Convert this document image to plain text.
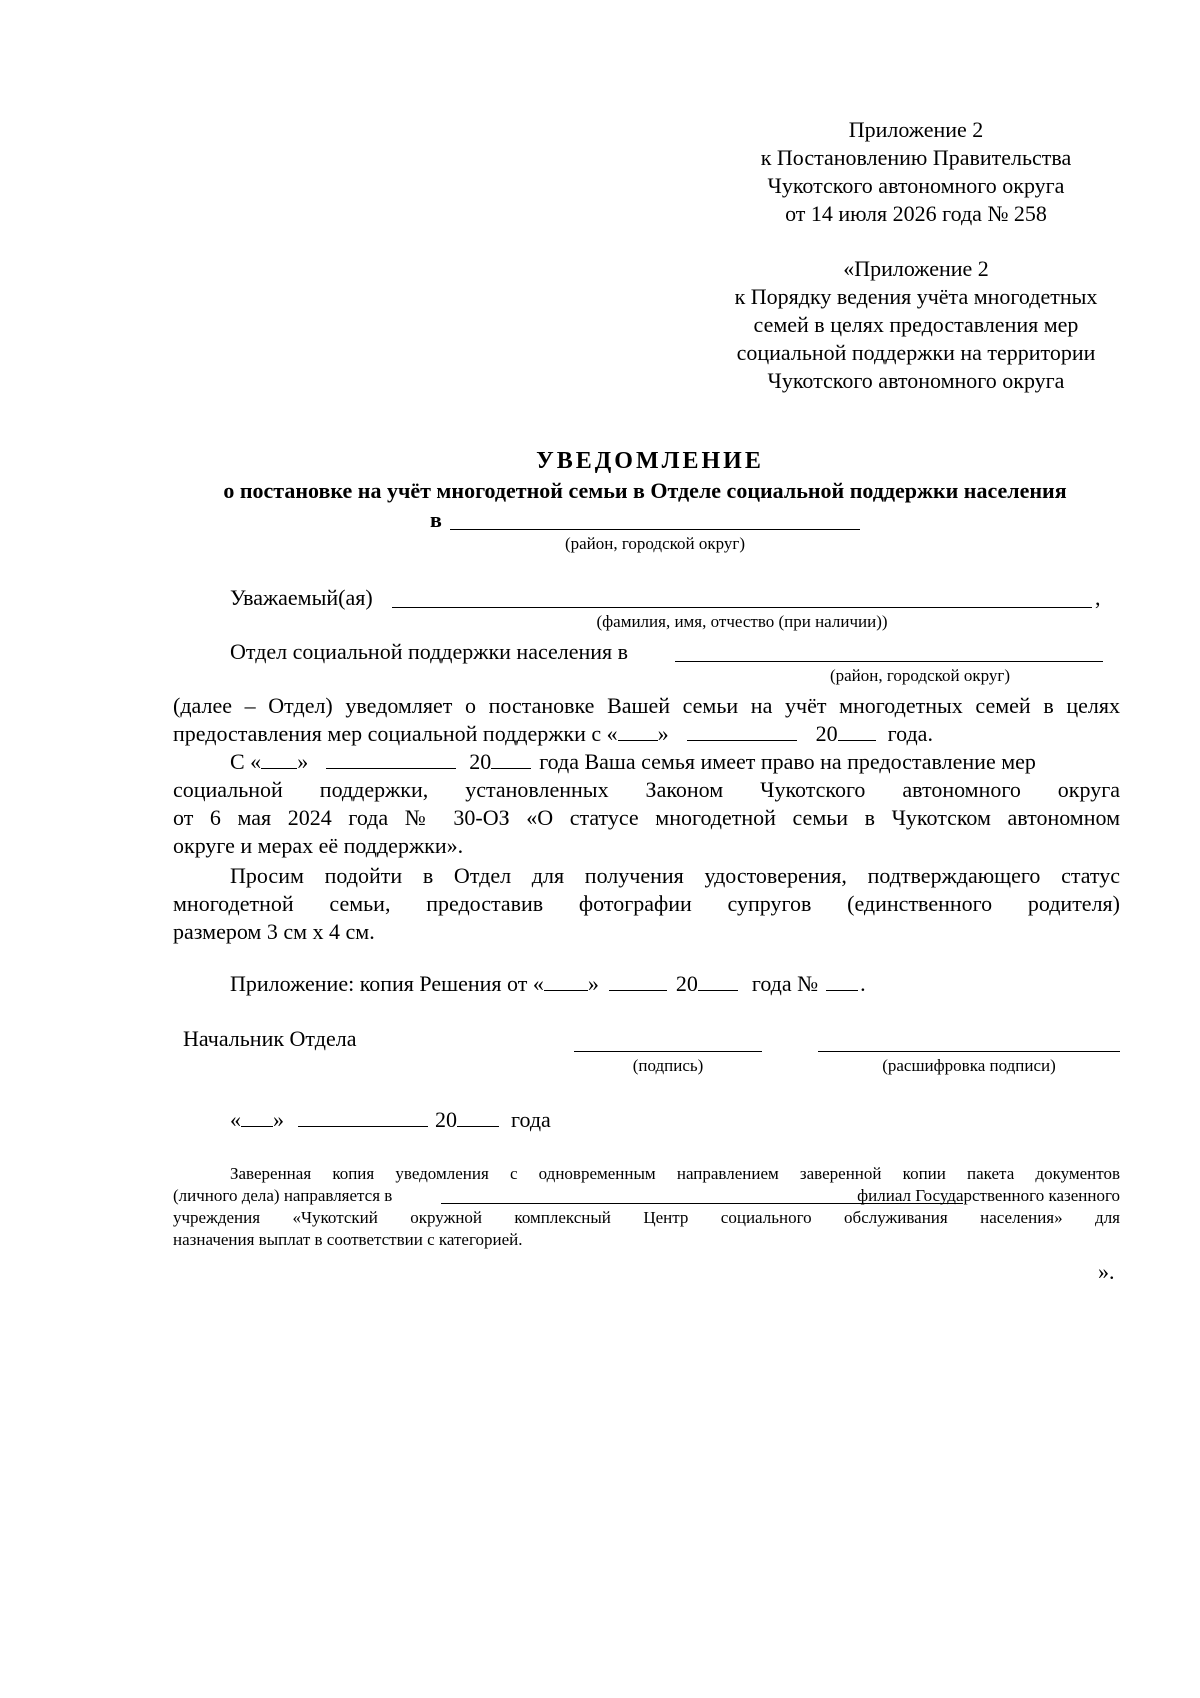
Приложение 2
к Постановлению Правительства
Чукотского автономного округа
от 14 июля 2026 года № 258
«Приложение 2
к Порядку ведения учёта многодетных
семей в целях предоставления мер
социальной поддержки на территории
Чукотского автономного округа
УВЕДОМЛЕНИЕ
о постановке на учёт многодетной семьи в Отделе социальной поддержки населения
в
(район, городской округ)
Уважаемый(ая)	,
(фамилия, имя, отчество (при наличии))
Отдел социальной поддержки населения в
(район, городской округ)
(далее – Отдел) уведомляет о постановке Вашей семьи на учёт многодетных семей в целях
предоставления мер социальной поддержки с « »	20 года.
С « »	20 года Ваша семья имеет право на предоставление мер
социальной поддержки, установленных Законом Чукотского автономного округа
от 6 мая 2024 года № 30-ОЗ «О статусе многодетной семьи в Чукотском автономном
округе и мерах её поддержки».
Просим подойти в Отдел для получения удостоверения, подтверждающего статус
многодетной семьи, предоставив фотографии супругов (единственного родителя)
размером 3 см х 4 см.
Приложение: копия Решения от « »	20 года № .
Начальник Отдела
(подпись)	(расшифровка подписи)
« »	20 года
Заверенная копия уведомления с одновременным направлением заверенной копии пакета документов
(личного дела) направляется в	филиал Государственного казенного
учреждения «Чукотский окружной комплексный Центр социального обслуживания населения» для
назначения выплат в соответствии с категорией.
».
